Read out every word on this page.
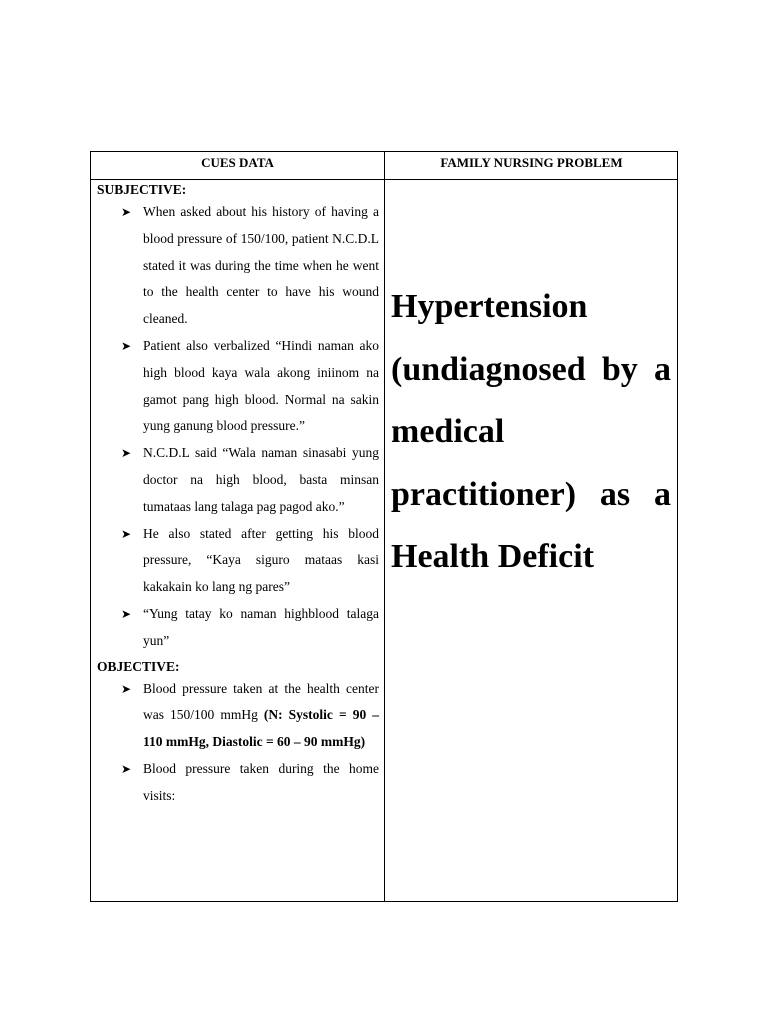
CUES DATA	FAMILY NURSING PROBLEM
SUBJECTIVE:
➤ When asked about his history of having a blood pressure of 150/100, patient N.C.D.L stated it was during the time when he went to the health center to have his wound cleaned.
➤ Patient also verbalized “Hindi naman ako high blood kaya wala akong iniinom na gamot pang high blood. Normal na sakin yung ganung blood pressure.”
➤ N.C.D.L said “Wala naman sinasabi yung doctor na high blood, basta minsan tumataas lang talaga pag pagod ako.”
➤ He also stated after getting his blood pressure, “Kaya siguro mataas kasi kakakain ko lang ng pares”
➤ “Yung tatay ko naman highblood talaga yun”
OBJECTIVE:
➤ Blood pressure taken at the health center was 150/100 mmHg (N: Systolic = 90 – 110 mmHg, Diastolic = 60 – 90 mmHg)
➤ Blood pressure taken during the home visits:
Hypertension (undiagnosed by a medical practitioner) as a Health Deficit
